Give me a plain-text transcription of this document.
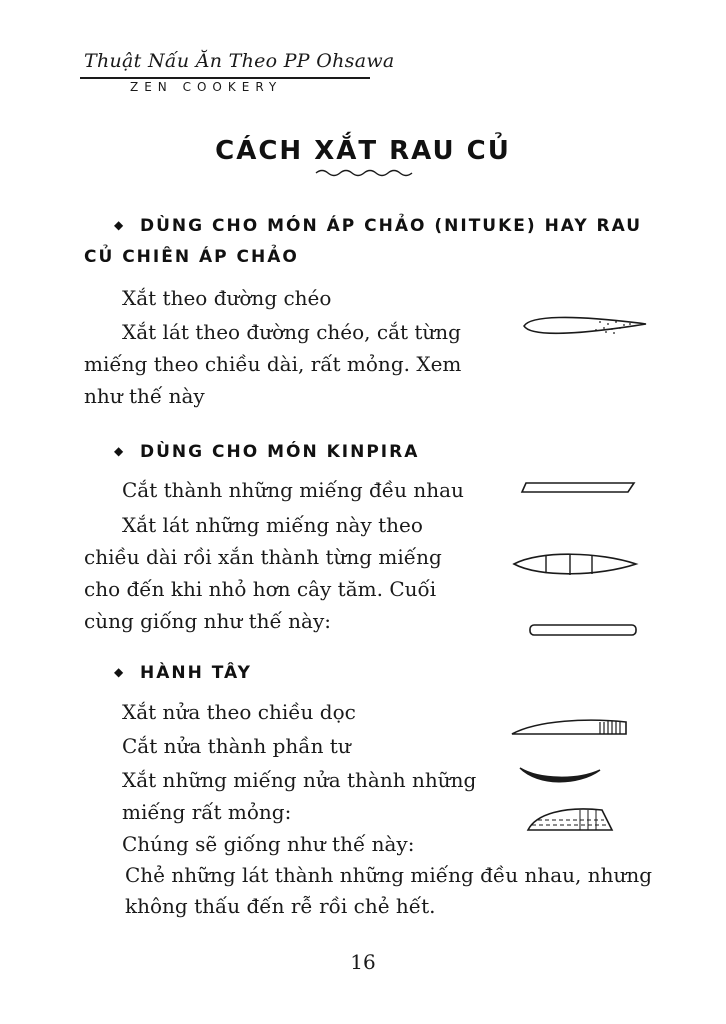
Thuật Nấu Ăn Theo PP Ohsawa
ZEN COOKERY
CÁCH XẮT RAU CỦ
◆ DÙNG CHO MÓN ÁP CHẢO (NITUKE) HAY RAU CỦ CHIÊN ÁP CHẢO
Xắt theo đường chéo
Xắt lát theo đường chéo, cắt từng miếng theo chiều dài, rất mỏng. Xem như thế này
◆ DÙNG CHO MÓN KINPIRA
Cắt thành những miếng đều nhau
Xắt lát những miếng này theo chiều dài rồi xắn thành từng miếng cho đến khi nhỏ hơn cây tăm. Cuối cùng giống như thế này:
◆ HÀNH TÂY
Xắt nửa theo chiều dọc
Cắt nửa thành phần tư
Xắt những miếng nửa thành những miếng rất mỏng:
Chúng sẽ giống như thế này:
Chẻ những lát thành những miếng đều nhau, nhưng không thấu đến rễ rồi chẻ hết.
16
